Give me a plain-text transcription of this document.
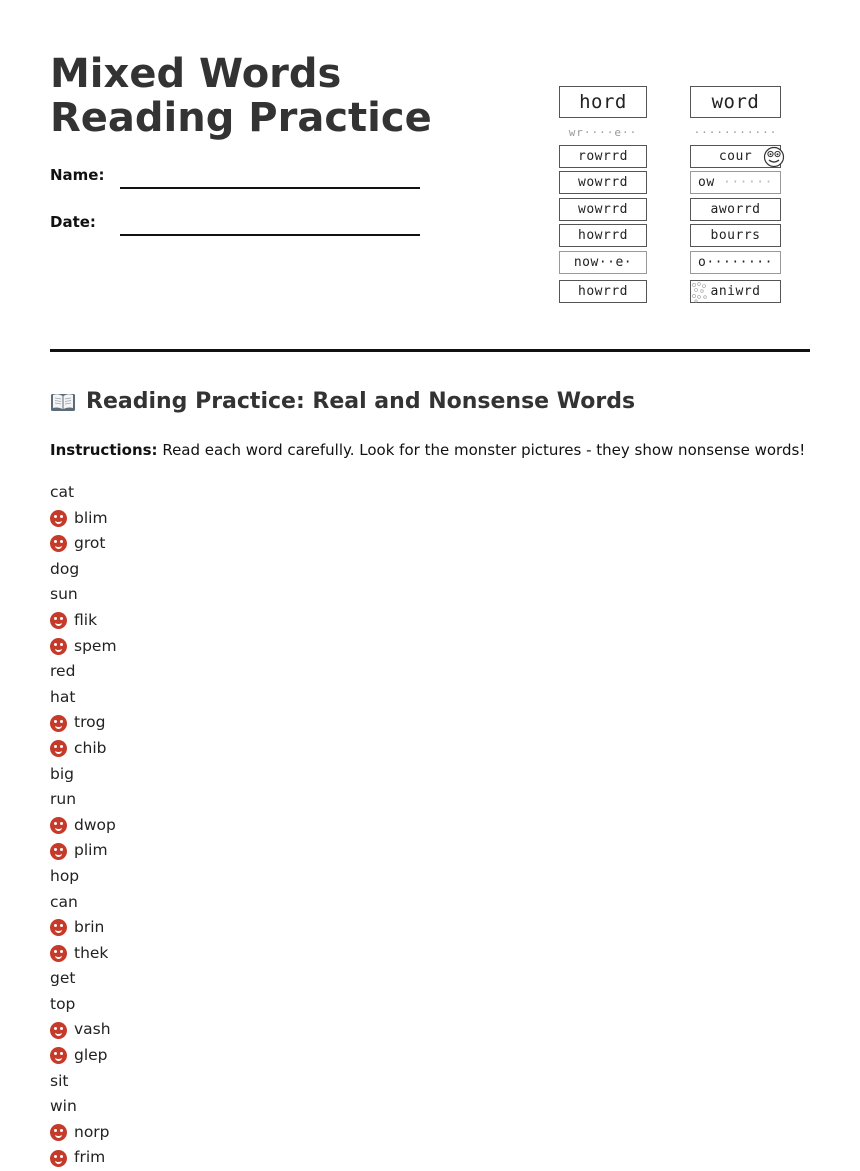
Mixed Words Reading Practice
Name:
Date:
hord
wr····e··
rowrrd
wowrrd
wowrrd
howrrd
now··e·
howrrd
word
···········
cour
ow ······
aworrd
bourrs
o········
aniwrd
Reading Practice: Real and Nonsense Words

Instructions: Read each word carefully. Look for the monster pictures - they show nonsense words!

cat
blim
grot
dog
sun
flik
spem
red
hat
trog
chib
big
run
dwop
plim
hop
can
brin
thek
get
top
vash
glep
sit
win
norp
frim
